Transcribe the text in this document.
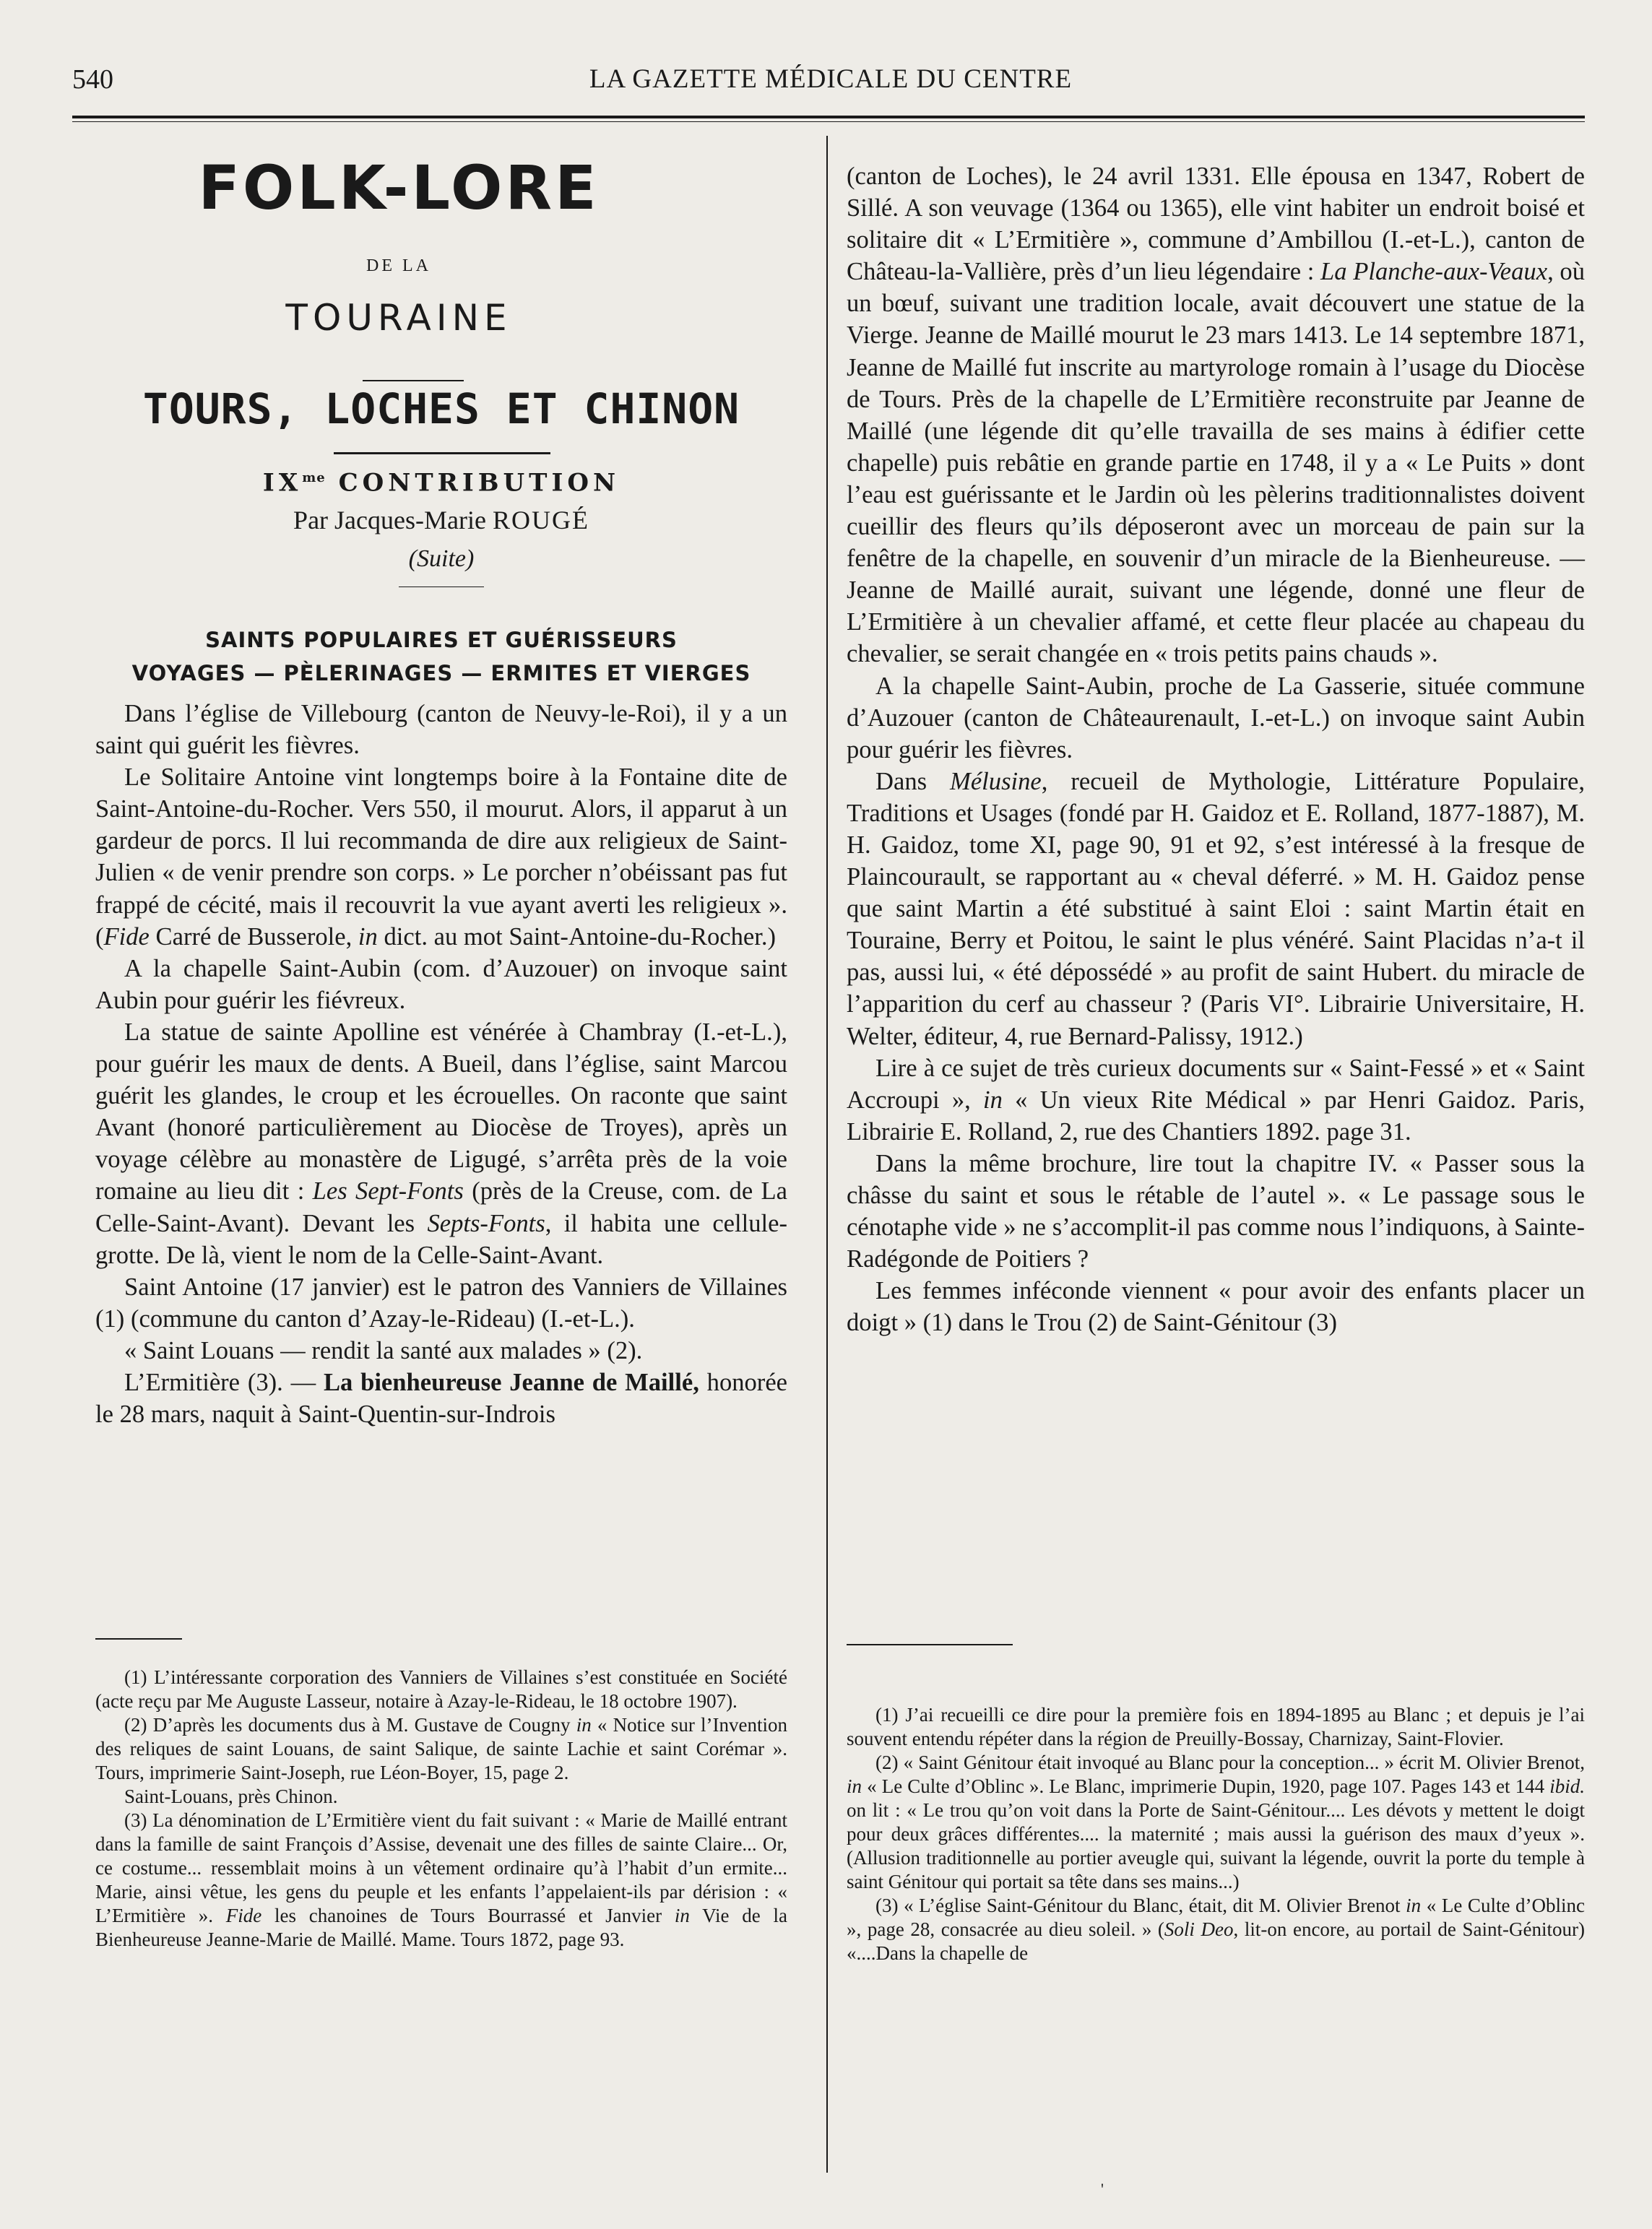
540	LA GAZETTE MÉDICALE DU CENTRE
FOLK-LORE
DE LA
TOURAINE
TOURS, LOCHES ET CHINON
$IX^{me}$ CONTRIBUTION
Par Jacques-Marie ROUGÉ
(Suite)
SAINTS POPULAIRES ET GUÉRISSEURS
VOYAGES — PÈLERINAGES — ERMITES ET VIERGES

Dans l’église de Villebourg (canton de Neuvy-le-Roi), il y a un saint qui guérit les fièvres.

Le Solitaire Antoine vint longtemps boire à la Fontaine dite de Saint-Antoine-du-Rocher. Vers 550, il mourut. Alors, il apparut à un gardeur de porcs. Il lui recommanda de dire aux religieux de Saint-Julien « de venir prendre son corps. » Le porcher n’obéissant pas fut frappé de cécité, mais il recouvrit la vue ayant averti les religieux ». (Fide Carré de Busserole, in dict. au mot Saint-Antoine-du-Rocher.)

A la chapelle Saint-Aubin (com. d’Auzouer) on invoque saint Aubin pour guérir les fiévreux.

La statue de sainte Apolline est vénérée à Chambray (I.-et-L.), pour guérir les maux de dents. A Bueil, dans l’église, saint Marcou guérit les glandes, le croup et les écrouelles. On raconte que saint Avant (honoré particulièrement au Diocèse de Troyes), après un voyage célèbre au monastère de Ligugé, s’arrêta près de la voie romaine au lieu dit : Les Sept-Fonts (près de la Creuse, com. de La Celle-Saint-Avant). Devant les Septs-Fonts, il habita une cellule-grotte. De là, vient le nom de la Celle-Saint-Avant.

Saint Antoine (17 janvier) est le patron des Vanniers de Villaines (1) (commune du canton d’Azay-le-Rideau) (I.-et-L.).

« Saint Louans — rendit la santé aux malades » (2).

L’Ermitière (3). — La bienheureuse Jeanne de Maillé, honorée le 28 mars, naquit à Saint-Quentin-sur-Indrois

(canton de Loches), le 24 avril 1331. Elle épousa en 1347, Robert de Sillé. A son veuvage (1364 ou 1365), elle vint habiter un endroit boisé et solitaire dit « L’Ermitière », commune d’Ambillou (I.-et-L.), canton de Château-la-Vallière, près d’un lieu légendaire : La Planche-aux-Veaux, où un bœuf, suivant une tradition locale, avait découvert une statue de la Vierge. Jeanne de Maillé mourut le 23 mars 1413. Le 14 septembre 1871, Jeanne de Maillé fut inscrite au martyrologe romain à l’usage du Diocèse de Tours. Près de la chapelle de L’Ermitière reconstruite par Jeanne de Maillé (une légende dit qu’elle travailla de ses mains à édifier cette chapelle) puis rebâtie en grande partie en 1748, il y a « Le Puits » dont l’eau est guérissante et le Jardin où les pèlerins traditionnalistes doivent cueillir des fleurs qu’ils déposeront avec un morceau de pain sur la fenêtre de la chapelle, en souvenir d’un miracle de la Bienheureuse. — Jeanne de Maillé aurait, suivant une légende, donné une fleur de L’Ermitière à un chevalier affamé, et cette fleur placée au chapeau du chevalier, se serait changée en « trois petits pains chauds ».

A la chapelle Saint-Aubin, proche de La Gasserie, située commune d’Auzouer (canton de Châteaurenault, I.-et-L.) on invoque saint Aubin pour guérir les fièvres.

Dans Mélusine, recueil de Mythologie, Littérature Populaire, Traditions et Usages (fondé par H. Gaidoz et E. Rolland, 1877-1887), M. H. Gaidoz, tome XI, page 90, 91 et 92, s’est intéressé à la fresque de Plaincourault, se rapportant au « cheval déferré. » M. H. Gaidoz pense que saint Martin a été substitué à saint Eloi : saint Martin était en Touraine, Berry et Poitou, le saint le plus vénéré. Saint Placidas n’a-t il pas, aussi lui, « été dépossédé » au profit de saint Hubert. du miracle de l’apparition du cerf au chasseur ? (Paris VI°. Librairie Universitaire, H. Welter, éditeur, 4, rue Bernard-Palissy, 1912.)

Lire à ce sujet de très curieux documents sur « Saint-Fessé » et « Saint Accroupi », in « Un vieux Rite Médical » par Henri Gaidoz. Paris, Librairie E. Rolland, 2, rue des Chantiers 1892. page 31.

Dans la même brochure, lire tout la chapitre IV. « Passer sous la châsse du saint et sous le rétable de l’autel ». « Le passage sous le cénotaphe vide » ne s’accomplit-il pas comme nous l’indiquons, à Sainte-Radégonde de Poitiers ?

Les femmes inféconde viennent « pour avoir des enfants placer un doigt » (1) dans le Trou (2) de Saint-Génitour (3)

(1) L’intéressante corporation des Vanniers de Villaines s’est constituée en Société (acte reçu par Me Auguste Lasseur, notaire à Azay-le-Rideau, le 18 octobre 1907).

(2) D’après les documents dus à M. Gustave de Cougny in « Notice sur l’Invention des reliques de saint Louans, de saint Salique, de sainte Lachie et saint Corémar ». Tours, imprimerie Saint-Joseph, rue Léon-Boyer, 15, page 2.

Saint-Louans, près Chinon.

(3) La dénomination de L’Ermitière vient du fait suivant : « Marie de Maillé entrant dans la famille de saint François d’Assise, devenait une des filles de sainte Claire... Or, ce costume... ressemblait moins à un vêtement ordinaire qu’à l’habit d’un ermite... Marie, ainsi vêtue, les gens du peuple et les enfants l’appelaient-ils par dérision : « L’Ermitière ». Fide les chanoines de Tours Bourrassé et Janvier in Vie de la Bienheureuse Jeanne-Marie de Maillé. Mame. Tours 1872, page 93.

(1) J’ai recueilli ce dire pour la première fois en 1894-1895 au Blanc ; et depuis je l’ai souvent entendu répéter dans la région de Preuilly-Bossay, Charnizay, Saint-Flovier.

(2) « Saint Génitour était invoqué au Blanc pour la conception... » écrit M. Olivier Brenot, in « Le Culte d’Oblinc ». Le Blanc, imprimerie Dupin, 1920, page 107. Pages 143 et 144 ibid. on lit : « Le trou qu’on voit dans la Porte de Saint-Génitour.... Les dévots y mettent le doigt pour deux grâces différentes.... la maternité ; mais aussi la guérison des maux d’yeux ». (Allusion traditionnelle au portier aveugle qui, suivant la légende, ouvrit la porte du temple à saint Génitour qui portait sa tête dans ses mains...)

(3) « L’église Saint-Génitour du Blanc, était, dit M. Olivier Brenot in « Le Culte d’Oblinc », page 28, consacrée au dieu soleil. » (Soli Deo, lit-on encore, au portail de Saint-Génitour) «....Dans la chapelle de

'
